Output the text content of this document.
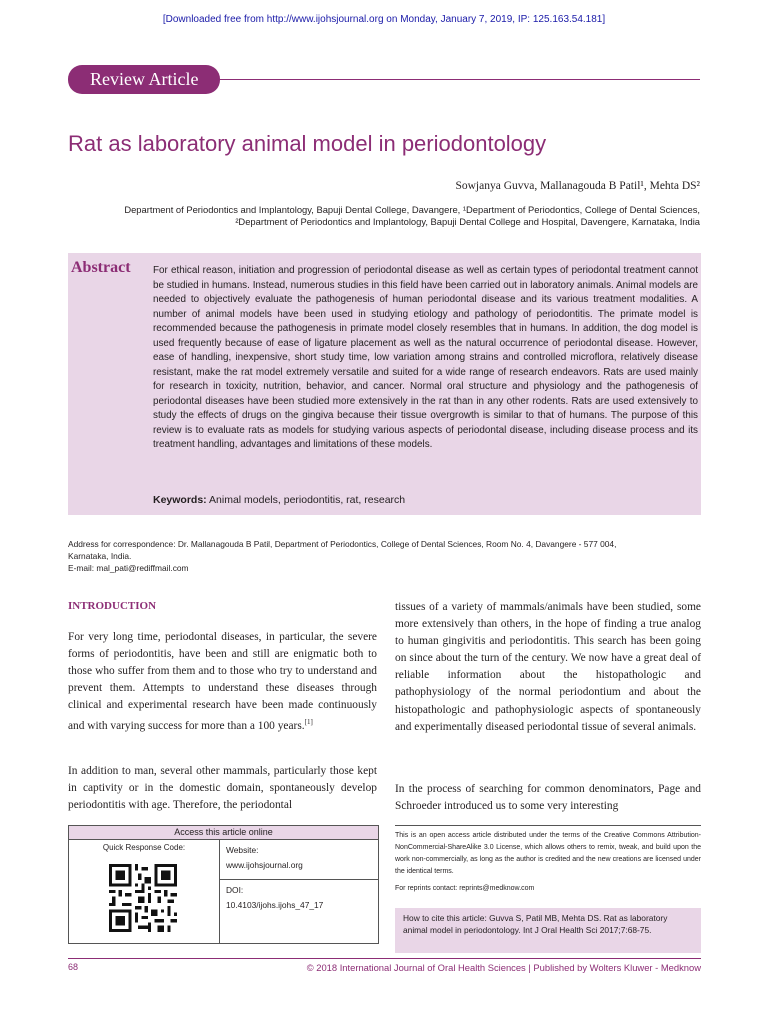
[Downloaded free from http://www.ijohsjournal.org on Monday, January 7, 2019, IP: 125.163.54.181]
Review Article
Rat as laboratory animal model in periodontology
Sowjanya Guvva, Mallanagouda B Patil¹, Mehta DS²
Department of Periodontics and Implantology, Bapuji Dental College, Davangere, ¹Department of Periodontics, College of Dental Sciences,
²Department of Periodontics and Implantology, Bapuji Dental College and Hospital, Davengere, Karnataka, India
Abstract For ethical reason, initiation and progression of periodontal disease as well as certain types of periodontal treatment cannot be studied in humans. Instead, numerous studies in this field have been carried out in laboratory animals. Animal models are needed to objectively evaluate the pathogenesis of human periodontal disease and its various treatment modalities. A number of animal models have been used in studying etiology and pathology of periodontitis. The primate model is recommended because the pathogenesis in primate model closely resembles that in humans. In addition, the dog model is used frequently because of ease of ligature placement as well as the natural occurrence of periodontal disease. However, ease of handling, inexpensive, short study time, low variation among strains and controlled microflora, relatively disease resistant, make the rat model extremely versatile and suited for a wide range of research endeavors. Rats are used mainly for research in toxicity, nutrition, behavior, and cancer. Normal oral structure and physiology and the pathogenesis of periodontal diseases have been studied more extensively in the rat than in any other rodents. Rats are used extensively to study the effects of drugs on the gingiva because their tissue overgrowth is similar to that of humans. The purpose of this review is to evaluate rats as models for studying various aspects of periodontal disease, including disease process and its treatment handling, advantages and limitations of these models.
Keywords: Animal models, periodontitis, rat, research
Address for correspondence: Dr. Mallanagouda B Patil, Department of Periodontics, College of Dental Sciences, Room No. 4, Davangere - 577 004,
Karnataka, India.
E-mail: mal_pati@rediffmail.com
INTRODUCTION
For very long time, periodontal diseases, in particular, the severe forms of periodontitis, have been and still are enigmatic both to those who suffer from them and to those who try to understand and prevent them. Attempts to understand these diseases through clinical and experimental research have been made continuously and with varying success for more than a 100 years.[1]
In addition to man, several other mammals, particularly those kept in captivity or in the domestic domain, spontaneously develop periodontitis with age. Therefore, the periodontal
tissues of a variety of mammals/animals have been studied, some more extensively than others, in the hope of finding a true analog to human gingivitis and periodontitis. This search has been going on since about the turn of the century. We now have a great deal of reliable information about the histopathologic and pathophysiology of the normal periodontium and about the histopathologic and pathophysiologic aspects of spontaneously and experimentally diseased periodontal tissue of several animals.
In the process of searching for common denominators, Page and Schroeder introduced us to some very interesting
Access this article online
Quick Response Code:	Website:
www.ijohsjournal.org
DOI:
10.4103/ijohs.ijohs_47_17
This is an open access article distributed under the terms of the Creative Commons Attribution-NonCommercial-ShareAlike 3.0 License, which allows others to remix, tweak, and build upon the work non-commercially, as long as the author is credited and the new creations are licensed under the identical terms.
For reprints contact: reprints@medknow.com
How to cite this article: Guvva S, Patil MB, Mehta DS. Rat as laboratory animal model in periodontology. Int J Oral Health Sci 2017;7:68-75.
68	© 2018 International Journal of Oral Health Sciences | Published by Wolters Kluwer - Medknow
